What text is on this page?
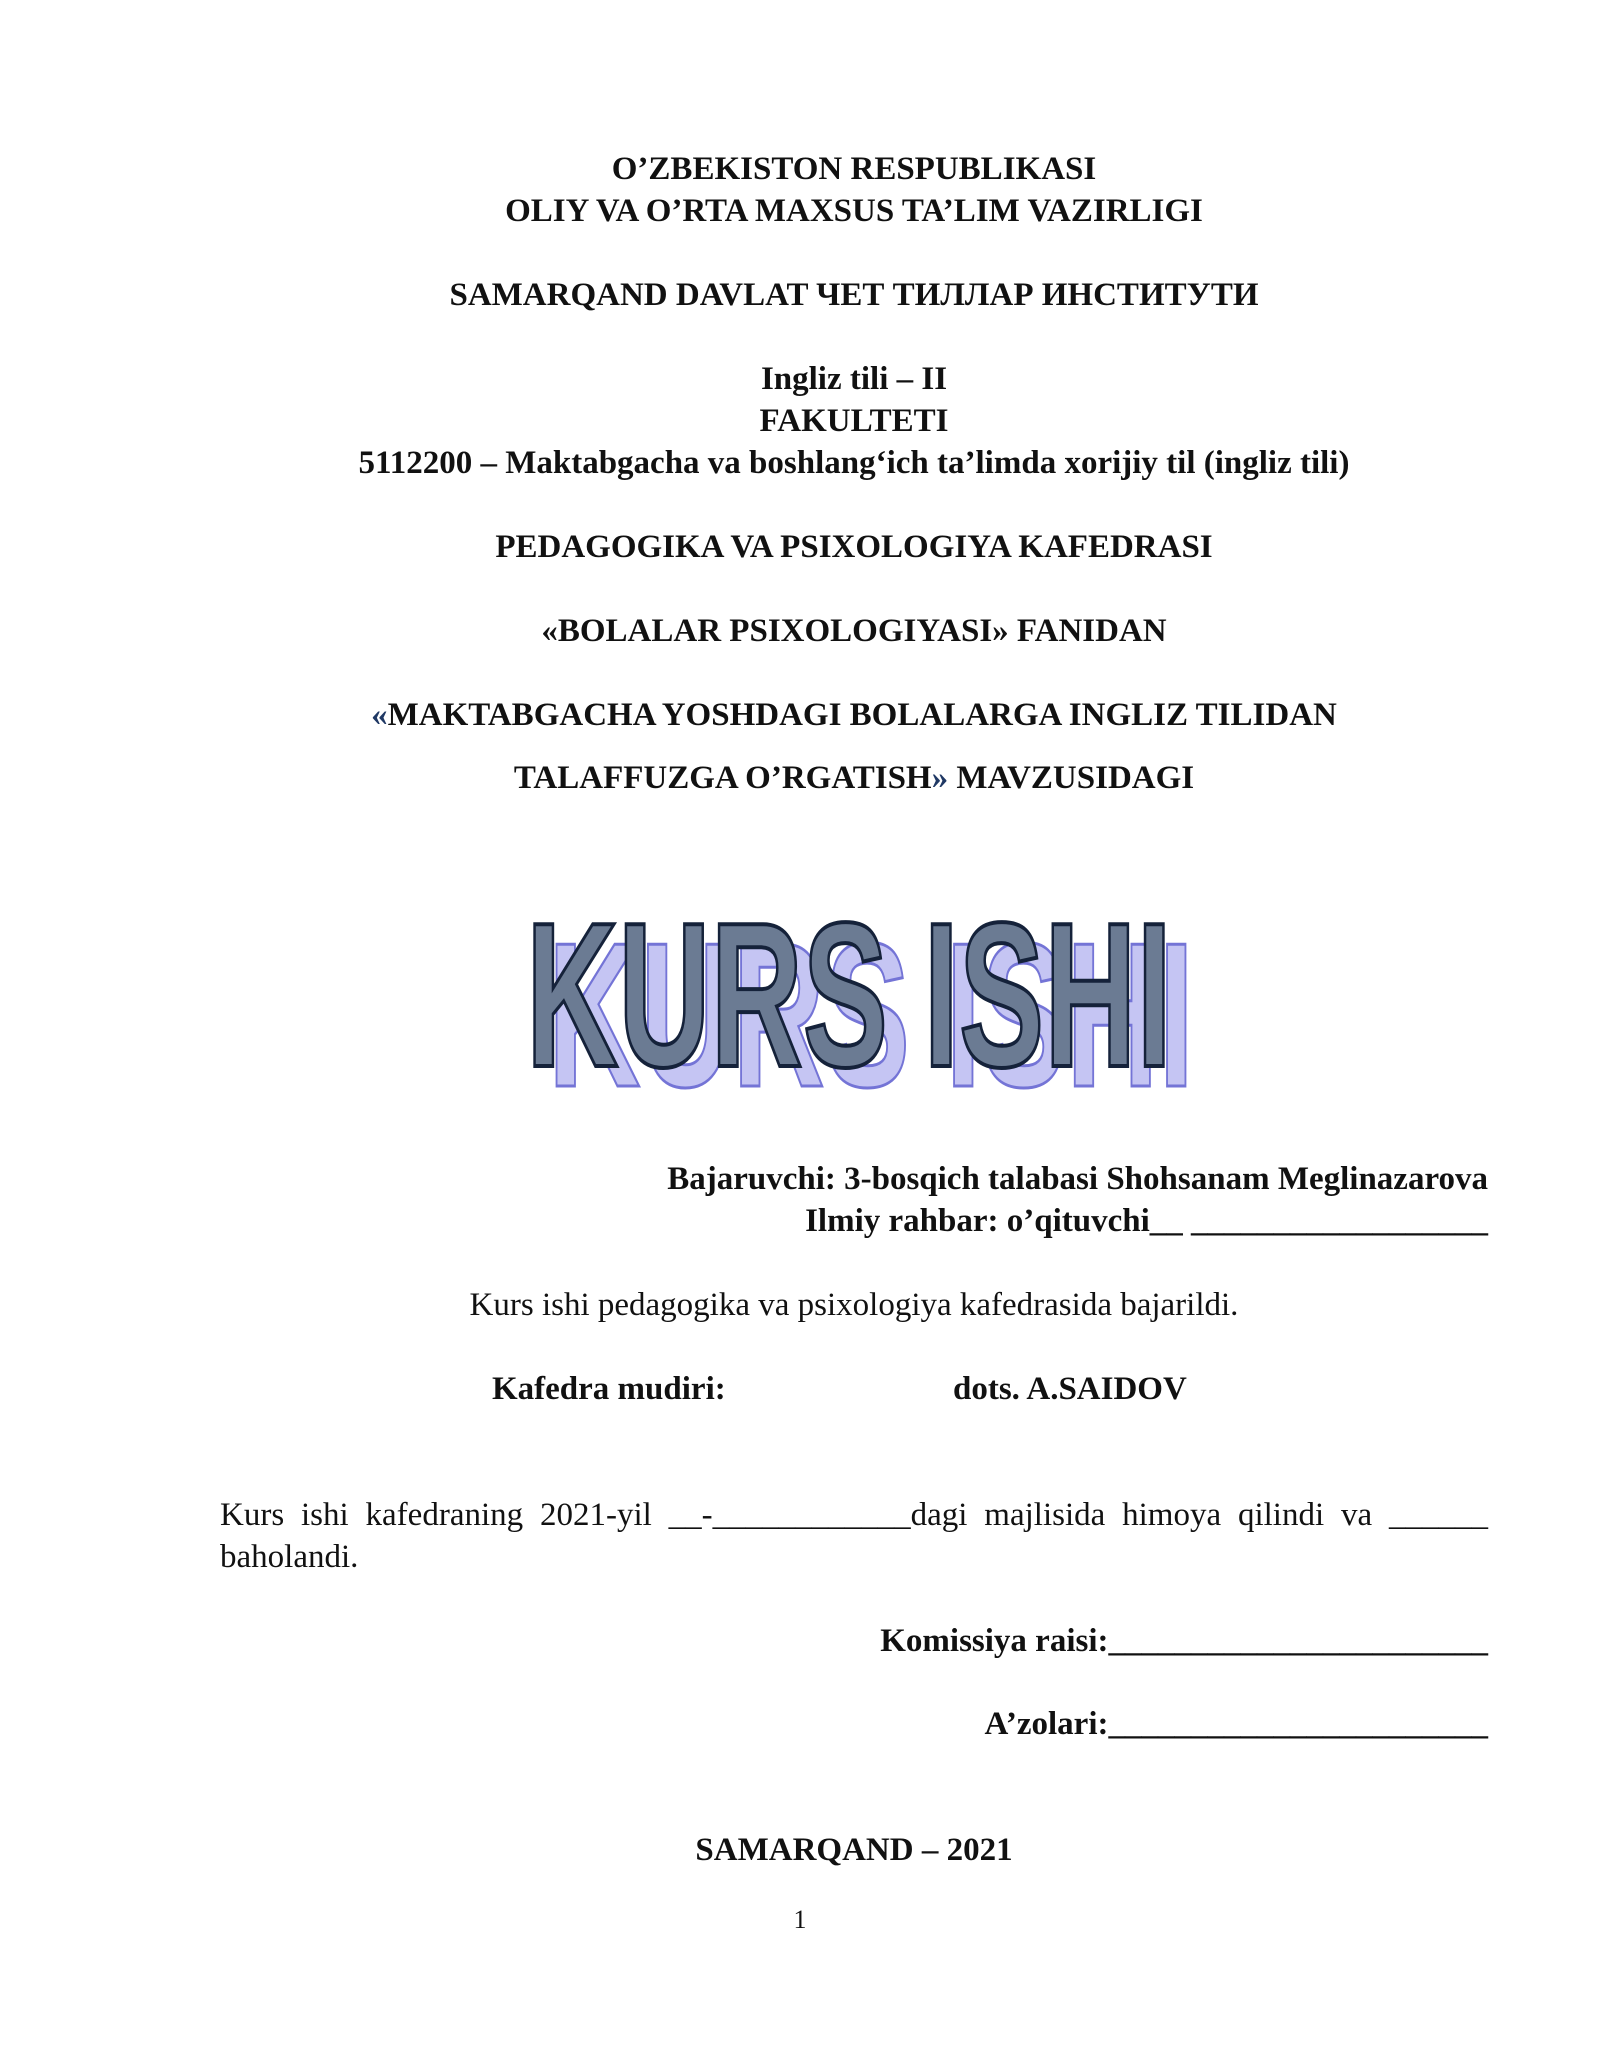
O’ZBEKISTON RESPUBLIKASI
OLIY VA O’RTA MAXSUS TA’LIM VAZIRLIGI
SAMARQAND DAVLAT ЧЕТ ТИЛЛАР ИНСТИТУТИ
Ingliz tili – II
FAKULTETI
5112200 – Maktabgacha va boshlang‘ich ta’limda xorijiy til (ingliz tili)
PEDAGOGIKA VA PSIXOLOGIYA KAFEDRASI
«BOLALAR PSIXOLOGIYASI» FANIDAN
«MAKTABGACHA YOSHDAGI BOLALARGA INGLIZ TILIDAN
TALAFFUZGA O’RGATISH» MAVZUSIDAGI
KURS ISHI
KURS ISHI
Bajaruvchi: 3-bosqich talabasi Shohsanam Meglinazarova
Ilmiy rahbar: o’qituvchi__ __________________
Kurs ishi pedagogika va psixologiya kafedrasida bajarildi.
Kafedra mudiri:	dots. A.SAIDOV
Kurs ishi kafedraning 2021-yil __-____________dagi majlisida himoya qilindi va ______ baholandi.
Komissiya raisi:_______________________
A’zolari:_______________________
SAMARQAND – 2021
1
